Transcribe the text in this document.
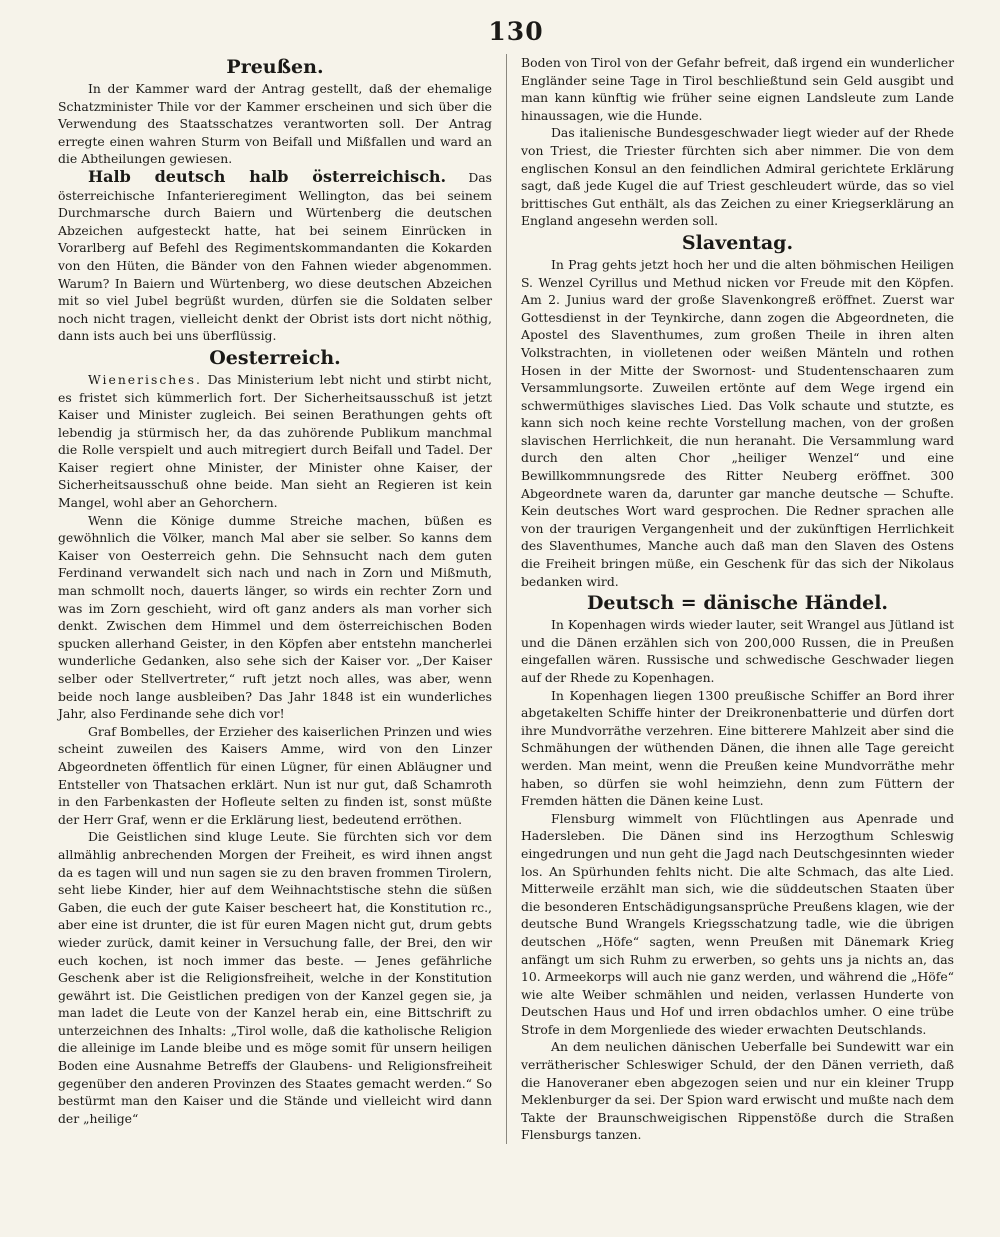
130
Preußen.

In der Kammer ward der Antrag gestellt, daß der ehemalige Schatzminister Thile vor der Kammer erscheinen und sich über die Verwendung des Staatsschatzes verantworten soll. Der Antrag erregte einen wahren Sturm von Beifall und Mißfallen und ward an die Abtheilungen gewiesen.

Halb deutsch halb österreichisch. Das österreichische Infanterieregiment Wellington, das bei seinem Durchmarsche durch Baiern und Würtenberg die deutschen Abzeichen aufgesteckt hatte, hat bei seinem Einrücken in Vorarlberg auf Befehl des Regimentskommandanten die Kokarden von den Hüten, die Bänder von den Fahnen wieder abgenommen. Warum? In Baiern und Würtenberg, wo diese deutschen Abzeichen mit so viel Jubel begrüßt wurden, dürfen sie die Soldaten selber noch nicht tragen, vielleicht denkt der Obrist ists dort nicht nöthig, dann ists auch bei uns überflüssig.

Oesterreich.

Wienerisches. Das Ministerium lebt nicht und stirbt nicht, es fristet sich kümmerlich fort. Der Sicherheitsausschuß ist jetzt Kaiser und Minister zugleich. Bei seinen Berathungen gehts oft lebendig ja stürmisch her, da das zuhörende Publikum manchmal die Rolle verspielt und auch mitregiert durch Beifall und Tadel. Der Kaiser regiert ohne Minister, der Minister ohne Kaiser, der Sicherheitsausschuß ohne beide. Man sieht an Regieren ist kein Mangel, wohl aber an Gehorchern.

Wenn die Könige dumme Streiche machen, büßen es gewöhnlich die Völker, manch Mal aber sie selber. So kanns dem Kaiser von Oesterreich gehn. Die Sehnsucht nach dem guten Ferdinand verwandelt sich nach und nach in Zorn und Mißmuth, man schmollt noch, dauerts länger, so wirds ein rechter Zorn und was im Zorn geschieht, wird oft ganz anders als man vorher sich denkt. Zwischen dem Himmel und dem österreichischen Boden spucken allerhand Geister, in den Köpfen aber entstehn mancherlei wunderliche Gedanken, also sehe sich der Kaiser vor. „Der Kaiser selber oder Stellvertreter,“ ruft jetzt noch alles, was aber, wenn beide noch lange ausbleiben? Das Jahr 1848 ist ein wunderliches Jahr, also Ferdinande sehe dich vor!

Graf Bombelles, der Erzieher des kaiserlichen Prinzen und wies scheint zuweilen des Kaisers Amme, wird von den Linzer Abgeordneten öffentlich für einen Lügner, für einen Abläugner und Entsteller von Thatsachen erklärt. Nun ist nur gut, daß Schamroth in den Farbenkasten der Hofleute selten zu finden ist, sonst müßte der Herr Graf, wenn er die Erklärung liest, bedeutend erröthen.

Die Geistlichen sind kluge Leute. Sie fürchten sich vor dem allmählig anbrechenden Morgen der Freiheit, es wird ihnen angst da es tagen will und nun sagen sie zu den braven frommen Tirolern, seht liebe Kinder, hier auf dem Weihnachtstische stehn die süßen Gaben, die euch der gute Kaiser bescheert hat, die Konstitution rc., aber eine ist drunter, die ist für euren Magen nicht gut, drum gebts wieder zurück, damit keiner in Versuchung falle, der Brei, den wir euch kochen, ist noch immer das beste. — Jenes gefährliche Geschenk aber ist die Religionsfreiheit, welche in der Konstitution gewährt ist. Die Geistlichen predigen von der Kanzel gegen sie, ja man ladet die Leute von der Kanzel herab ein, eine Bittschrift zu unterzeichnen des Inhalts: „Tirol wolle, daß die katholische Religion die alleinige im Lande bleibe und es möge somit für unsern heiligen Boden eine Ausnahme Betreffs der Glaubens- und Religionsfreiheit gegenüber den anderen Provinzen des Staates gemacht werden.“ So bestürmt man den Kaiser und die Stände und vielleicht wird dann der „heilige“

Boden von Tirol von der Gefahr befreit, daß irgend ein wunderlicher Engländer seine Tage in Tirol beschließtund sein Geld ausgibt und man kann künftig wie früher seine eignen Landsleute zum Lande hinaussagen, wie die Hunde.

Das italienische Bundesgeschwader liegt wieder auf der Rhede von Triest, die Triester fürchten sich aber nimmer. Die von dem englischen Konsul an den feindlichen Admiral gerichtete Erklärung sagt, daß jede Kugel die auf Triest geschleudert würde, das so viel brittisches Gut enthält, als das Zeichen zu einer Kriegserklärung an England angesehn werden soll.

Slaventag.

In Prag gehts jetzt hoch her und die alten böhmischen Heiligen S. Wenzel Cyrillus und Methud nicken vor Freude mit den Köpfen. Am 2. Junius ward der große Slavenkongreß eröffnet. Zuerst war Gottesdienst in der Teynkirche, dann zogen die Abgeordneten, die Apostel des Slaventhumes, zum großen Theile in ihren alten Volkstrachten, in violletenen oder weißen Mänteln und rothen Hosen in der Mitte der Swornost- und Studentenschaaren zum Versammlungsorte. Zuweilen ertönte auf dem Wege irgend ein schwermüthiges slavisches Lied. Das Volk schaute und stutzte, es kann sich noch keine rechte Vorstellung machen, von der großen slavischen Herrlichkeit, die nun heranaht. Die Versammlung ward durch den alten Chor „heiliger Wenzel“ und eine Bewillkommnungsrede des Ritter Neuberg eröffnet. 300 Abgeordnete waren da, darunter gar manche deutsche — Schufte. Kein deutsches Wort ward gesprochen. Die Redner sprachen alle von der traurigen Vergangenheit und der zukünftigen Herrlichkeit des Slaventhumes, Manche auch daß man den Slaven des Ostens die Freiheit bringen müße, ein Geschenk für das sich der Nikolaus bedanken wird.

Deutsch = dänische Händel.

In Kopenhagen wirds wieder lauter, seit Wrangel aus Jütland ist und die Dänen erzählen sich von 200,000 Russen, die in Preußen eingefallen wären. Russische und schwedische Geschwader liegen auf der Rhede zu Kopenhagen.

In Kopenhagen liegen 1300 preußische Schiffer an Bord ihrer abgetakelten Schiffe hinter der Dreikronenbatterie und dürfen dort ihre Mundvorräthe verzehren. Eine bitterere Mahlzeit aber sind die Schmähungen der wüthenden Dänen, die ihnen alle Tage gereicht werden. Man meint, wenn die Preußen keine Mundvorräthe mehr haben, so dürfen sie wohl heimziehn, denn zum Füttern der Fremden hätten die Dänen keine Lust.

Flensburg wimmelt von Flüchtlingen aus Apenrade und Hadersleben. Die Dänen sind ins Herzogthum Schleswig eingedrungen und nun geht die Jagd nach Deutschgesinnten wieder los. An Spürhunden fehlts nicht. Die alte Schmach, das alte Lied. Mitterweile erzählt man sich, wie die süddeutschen Staaten über die besonderen Entschädigungsansprüche Preußens klagen, wie der deutsche Bund Wrangels Kriegsschatzung tadle, wie die übrigen deutschen „Höfe“ sagten, wenn Preußen mit Dänemark Krieg anfängt um sich Ruhm zu erwerben, so gehts uns ja nichts an, das 10. Armeekorps will auch nie ganz werden, und während die „Höfe“ wie alte Weiber schmählen und neiden, verlassen Hunderte von Deutschen Haus und Hof und irren obdachlos umher. O eine trübe Strofe in dem Morgenliede des wieder erwachten Deutschlands.

An dem neulichen dänischen Ueberfalle bei Sundewitt war ein verrätherischer Schleswiger Schuld, der den Dänen verrieth, daß die Hanoveraner eben abgezogen seien und nur ein kleiner Trupp Meklenburger da sei. Der Spion ward erwischt und mußte nach dem Takte der Braunschweigischen Rippenstöße durch die Straßen Flensburgs tanzen.
